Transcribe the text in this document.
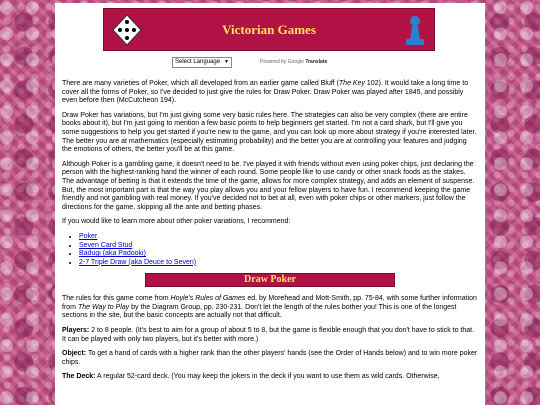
Victorian Games
Select Language ▼	Powered by Google Translate

There are many varieties of Poker, which all developed from an earlier game called Bluff (The Key 102). It would take a long time to cover all the forms of Poker, so I've decided to just give the rules for Draw Poker. Draw Poker was played after 1845, and possibly even before then (McCutcheon 194).

Draw Poker has variations, but I'm just giving some very basic rules here. The strategies can also be very complex (there are entire books about it), but I'm just going to mention a few basic points to help beginners get started. I'm not a card shark, but I'll give you some suggestions to help you get started if you're new to the game, and you can look up more about strategy if you're interested later. The better you are at mathematics (especially estimating probability) and the better you are at controlling your features and judging the emotions of others, the better you'll be at this game.

Although Poker is a gambling game, it doesn't need to be. I've played it with friends without even using poker chips, just declaring the person with the highest-ranking hand the winner of each round. Some people like to use candy or other snack foods as the stakes. The advantage of betting is that it extends the time of the game, allows for more complex strategy, and adds an element of suspense. But, the most important part is that the way you play allows you and your fellow players to have fun. I recommend keeping the game friendly and not gambling with real money. If you've decided not to bet at all, even with poker chips or other markers, just follow the directions for the game, skipping all the ante and betting phases.

If you would like to learn more about other poker variations, I recommend:

• Poker
• Seven Card Stud
• Badugi (aka Padooki)
• 2-7 Triple Draw (aka Deuce to Seven)
Draw Poker

The rules for this game come from Hoyle's Rules of Games ed. by Morehead and Mott-Smith, pp. 75-84, with some further information from The Way to Play by the Diagram Group, pp. 230-231. Don't let the length of the rules bother you! This is one of the longest sections in the site, but the basic concepts are actually not that difficult.

Players: 2 to 8 people. (It's best to aim for a group of about 5 to 8, but the game is flexible enough that you don't have to stick to that. It can be played with only two players, but it's better with more.)

Object: To get a hand of cards with a higher rank than the other players' hands (see the Order of Hands below) and to win more poker chips.

The Deck: A regular 52-card deck. (You may keep the jokers in the deck if you want to use them as wild cards. Otherwise,
